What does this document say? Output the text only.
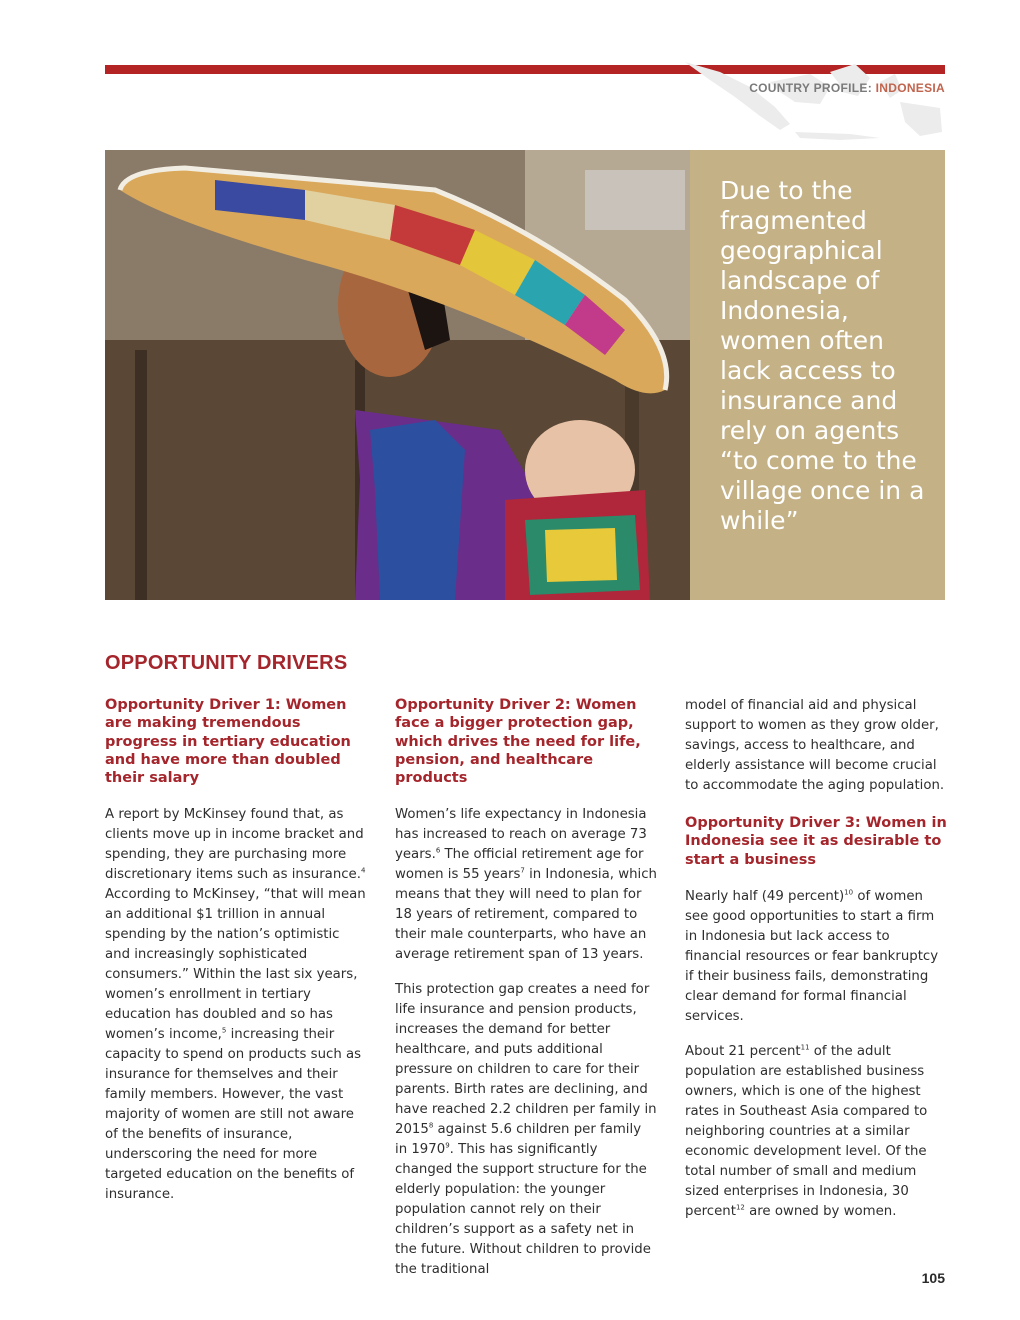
COUNTRY PROFILE: INDONESIA
Due to the fragmented geographical landscape of Indonesia, women often lack access to insurance and rely on agents “to come to the village once in a while”
OPPORTUNITY DRIVERS

Opportunity Driver 1: Women are making tremendous progress in tertiary education and have more than doubled their salary

A report by McKinsey found that, as clients move up in income bracket and spending, they are purchasing more discretionary items such as insurance.$^4$ According to McKinsey, “that will mean an additional $1 trillion in annual spending by the nation’s optimistic and increasingly sophisticated consumers.” Within the last six years, women’s enrollment in tertiary education has doubled and so has women’s income,$^5$ increasing their capacity to spend on products such as insurance for themselves and their family members. However, the vast majority of women are still not aware of the benefits of insurance, underscoring the need for more targeted education on the benefits of insurance.

Opportunity Driver 2: Women face a bigger protection gap, which drives the need for life, pension, and healthcare products

Women’s life expectancy in Indonesia has increased to reach on average 73 years.$^6$ The official retirement age for women is 55 years$^7$ in Indonesia, which means that they will need to plan for 18 years of retirement, compared to their male counterparts, who have an average retirement span of 13 years.

This protection gap creates a need for life insurance and pension products, increases the demand for better healthcare, and puts additional pressure on children to care for their parents. Birth rates are declining, and have reached 2.2 children per family in 2015$^8$ against 5.6 children per family in 1970$^9$. This has significantly changed the support structure for the elderly population: the younger population cannot rely on their children’s support as a safety net in the future. Without children to provide the traditional

model of financial aid and physical support to women as they grow older, savings, access to healthcare, and elderly assistance will become crucial to accommodate the aging population.

Opportunity Driver 3: Women in Indonesia see it as desirable to start a business

Nearly half (49 percent)$^{10}$ of women see good opportunities to start a firm in Indonesia but lack access to financial resources or fear bankruptcy if their business fails, demonstrating clear demand for formal financial services.

About 21 percent$^{11}$ of the adult population are established business owners, which is one of the highest rates in Southeast Asia compared to neighboring countries at a similar economic development level. Of the total number of small and medium sized enterprises in Indonesia, 30 percent$^{12}$ are owned by women.

105
